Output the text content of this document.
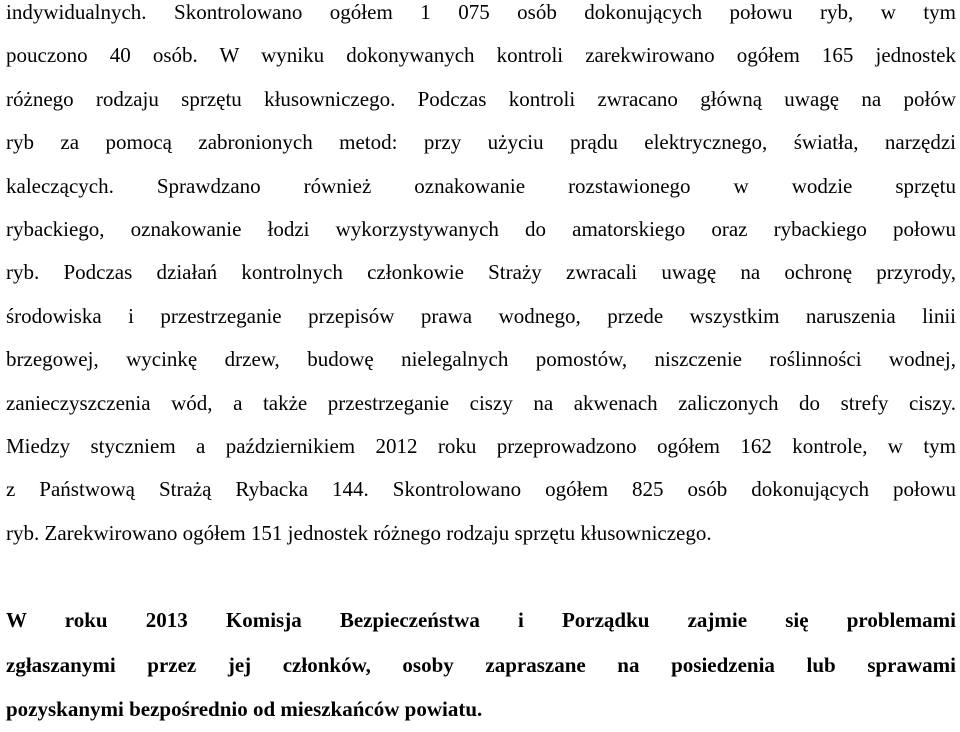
indywidualnych. Skontrolowano ogółem 1 075 osób dokonujących połowu ryb, w tym
pouczono 40 osób. W wyniku dokonywanych kontroli zarekwirowano ogółem 165 jednostek
różnego rodzaju sprzętu kłusowniczego. Podczas kontroli zwracano główną uwagę na połów
ryb za pomocą zabronionych metod: przy użyciu prądu elektrycznego, światła, narzędzi
kaleczących. Sprawdzano również oznakowanie rozstawionego w wodzie sprzętu
rybackiego, oznakowanie łodzi wykorzystywanych do amatorskiego oraz rybackiego połowu
ryb. Podczas działań kontrolnych członkowie Straży zwracali uwagę na ochronę przyrody,
środowiska i przestrzeganie przepisów prawa wodnego, przede wszystkim naruszenia linii
brzegowej, wycinkę drzew, budowę nielegalnych pomostów, niszczenie roślinności wodnej,
zanieczyszczenia wód, a także przestrzeganie ciszy na akwenach zaliczonych do strefy ciszy.
Miedzy styczniem a październikiem 2012 roku przeprowadzono ogółem 162 kontrole, w tym
z Państwową Strażą Rybacka 144. Skontrolowano ogółem 825 osób dokonujących połowu
ryb. Zarekwirowano ogółem 151 jednostek różnego rodzaju sprzętu kłusowniczego.

W roku 2013 Komisja Bezpieczeństwa i Porządku zajmie się problemami
zgłaszanymi przez jej członków, osoby zapraszane na posiedzenia lub sprawami
pozyskanymi bezpośrednio od mieszkańców powiatu.
